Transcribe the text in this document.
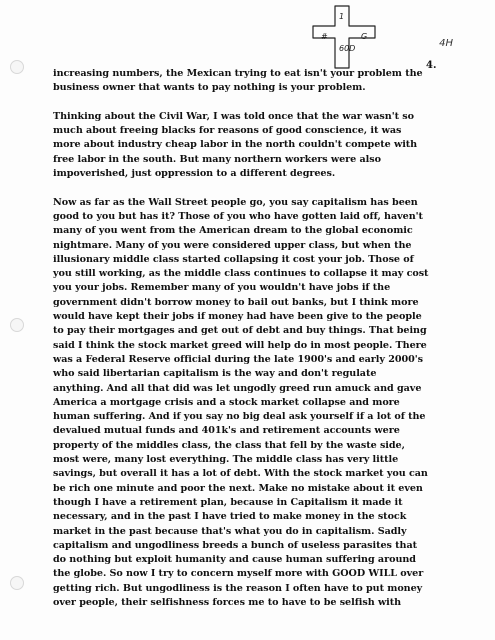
1
#	G
60D	4H
4.
increasing numbers, the Mexican trying to eat isn't your problem the
business owner that wants to pay nothing is your problem.
Thinking about the Civil War, I was told once that the war wasn't so
much about freeing blacks for reasons of good conscience, it was
more about industry cheap labor in the north couldn't compete with
free labor in the south. But many northern workers were also
impoverished, just oppression to a different degrees.
Now as far as the Wall Street people go, you say capitalism has been
good to you but has it? Those of you who have gotten laid off, haven't
many of you went from the American dream to the global economic
nightmare. Many of you were considered upper class, but when the
illusionary middle class started collapsing it cost your job. Those of
you still working, as the middle class continues to collapse it may cost
you your jobs. Remember many of you wouldn't have jobs if the
government didn't borrow money to bail out banks, but I think more
would have kept their jobs if money had have been give to the people
to pay their mortgages and get out of debt and buy things. That being
said I think the stock market greed will help do in most people. There
was a Federal Reserve official during the late 1900's and early 2000's
who said libertarian capitalism is the way and don't regulate
anything. And all that did was let ungodly greed run amuck and gave
America a mortgage crisis and a stock market collapse and more
human suffering. And if you say no big deal ask yourself if a lot of the
devalued mutual funds and 401k's and retirement accounts were
property of the middles class, the class that fell by the waste side,
most were, many lost everything. The middle class has very little
savings, but overall it has a lot of debt. With the stock market you can
be rich one minute and poor the next. Make no mistake about it even
though I have a retirement plan, because in Capitalism it made it
necessary, and in the past I have tried to make money in the stock
market in the past because that's what you do in capitalism. Sadly
capitalism and ungodliness breeds a bunch of useless parasites that
do nothing but exploit humanity and cause human suffering around
the globe. So now I try to concern myself more with GOOD WILL over
getting rich. But ungodliness is the reason I often have to put money
over people, their selfishness forces me to have to be selfish with
